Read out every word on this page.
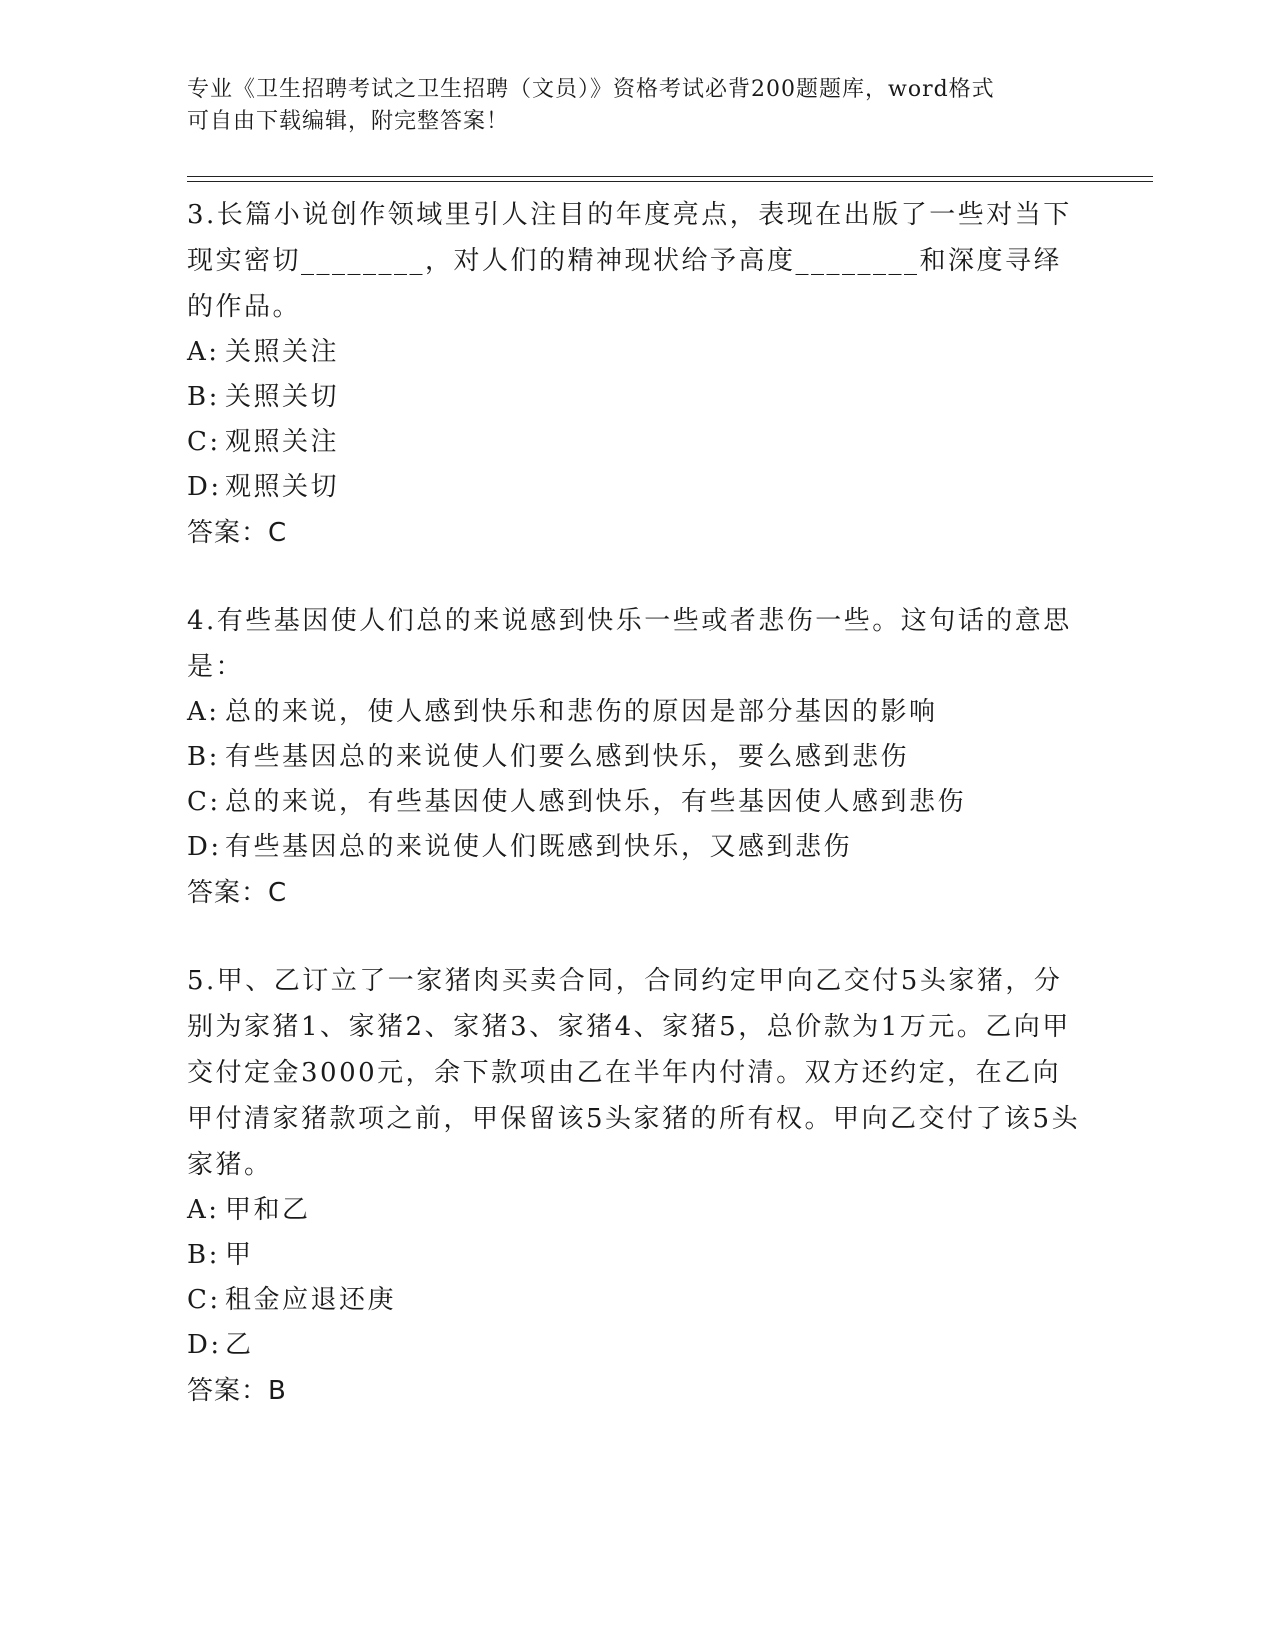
专业《卫生招聘考试之卫生招聘（文员）》资格考试必背200题题库，word格式
可自由下载编辑，附完整答案！
3.长篇小说创作领域里引人注目的年度亮点，表现在出版了一些对当下现实密切________，对人们的精神现状给予高度________和深度寻绎的作品。
A: 关照关注
B: 关照关切
C: 观照关注
D: 观照关切
答案：C
4.有些基因使人们总的来说感到快乐一些或者悲伤一些。这句话的意思是：
A: 总的来说，使人感到快乐和悲伤的原因是部分基因的影响
B: 有些基因总的来说使人们要么感到快乐，要么感到悲伤
C: 总的来说，有些基因使人感到快乐，有些基因使人感到悲伤
D: 有些基因总的来说使人们既感到快乐，又感到悲伤
答案：C
5.甲、乙订立了一家猪肉买卖合同，合同约定甲向乙交付5头家猪，分别为家猪1、家猪2、家猪3、家猪4、家猪5，总价款为1万元。乙向甲交付定金3000元，余下款项由乙在半年内付清。双方还约定，在乙向甲付清家猪款项之前，甲保留该5头家猪的所有权。甲向乙交付了该5头家猪。
A: 甲和乙
B: 甲
C: 租金应退还庚
D: 乙
答案：B
